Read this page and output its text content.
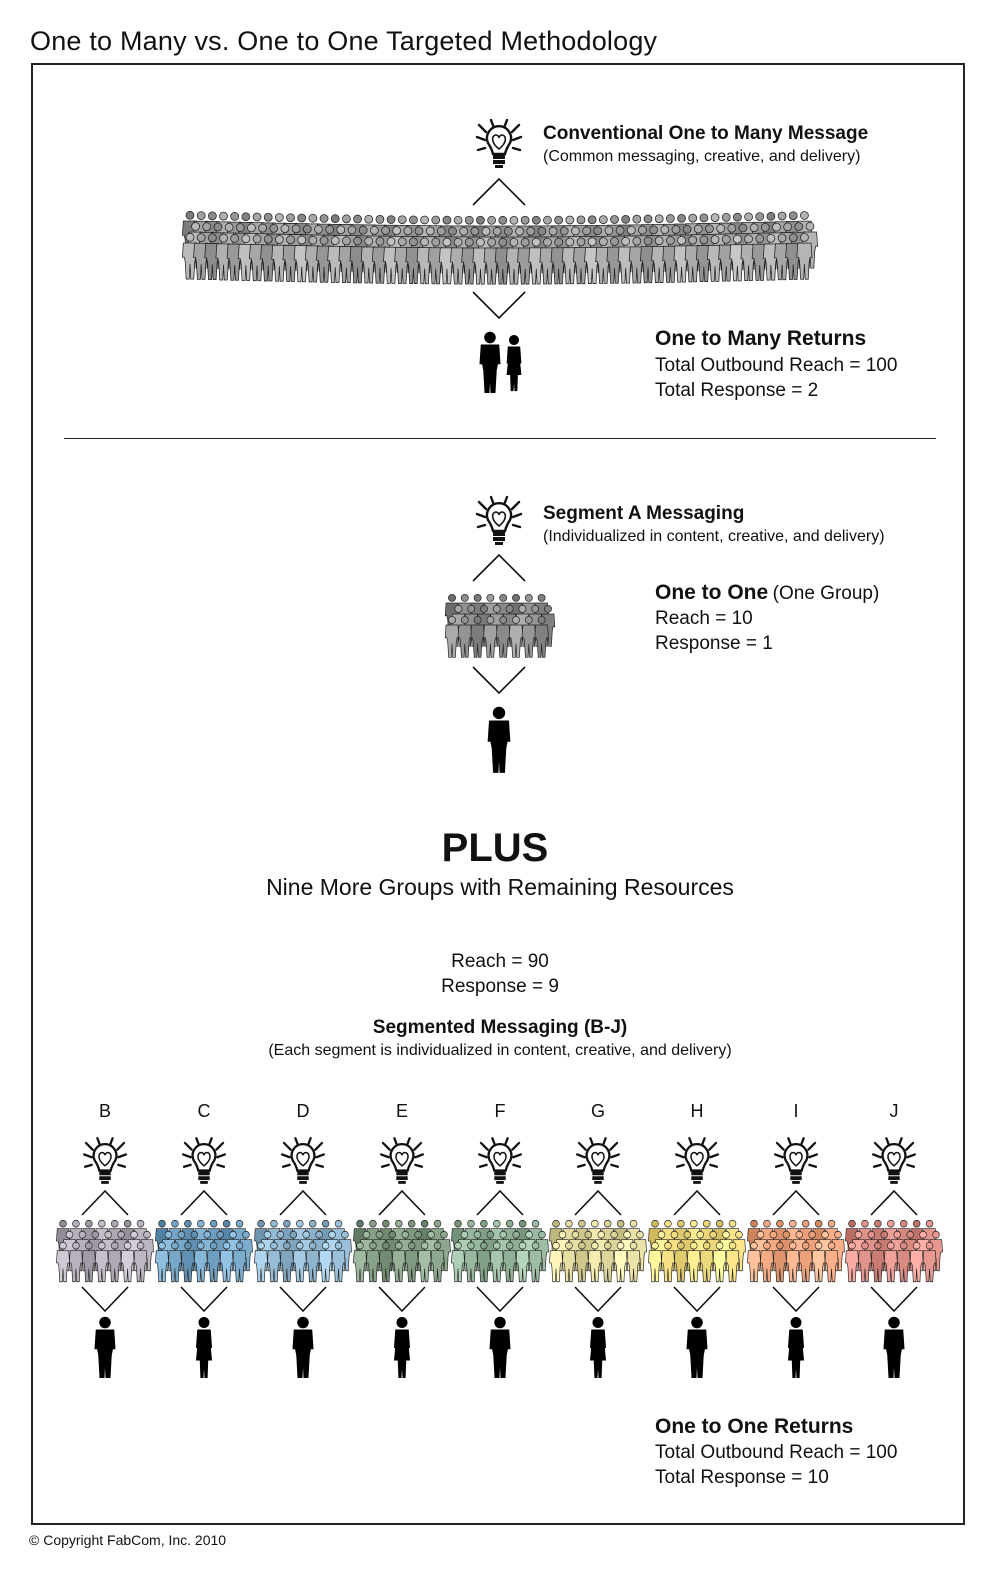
One to Many vs. One to One Targeted Methodology
Conventional One to Many Message
(Common messaging, creative, and delivery)
One to Many Returns
Total Outbound Reach = 100
Total Response = 2
Segment A Messaging
(Individualized in content, creative, and delivery)
One to One (One Group)
Reach = 10
Response = 1
PLUS
Nine More Groups with Remaining Resources
Reach = 90
Response = 9
Segmented Messaging (B-J)
(Each segment is individualized in content, creative, and delivery)
B	C	D	E	F	G	H	I	J
One to One Returns
Total Outbound Reach = 100
Total Response = 10
© Copyright FabCom, Inc. 2010
